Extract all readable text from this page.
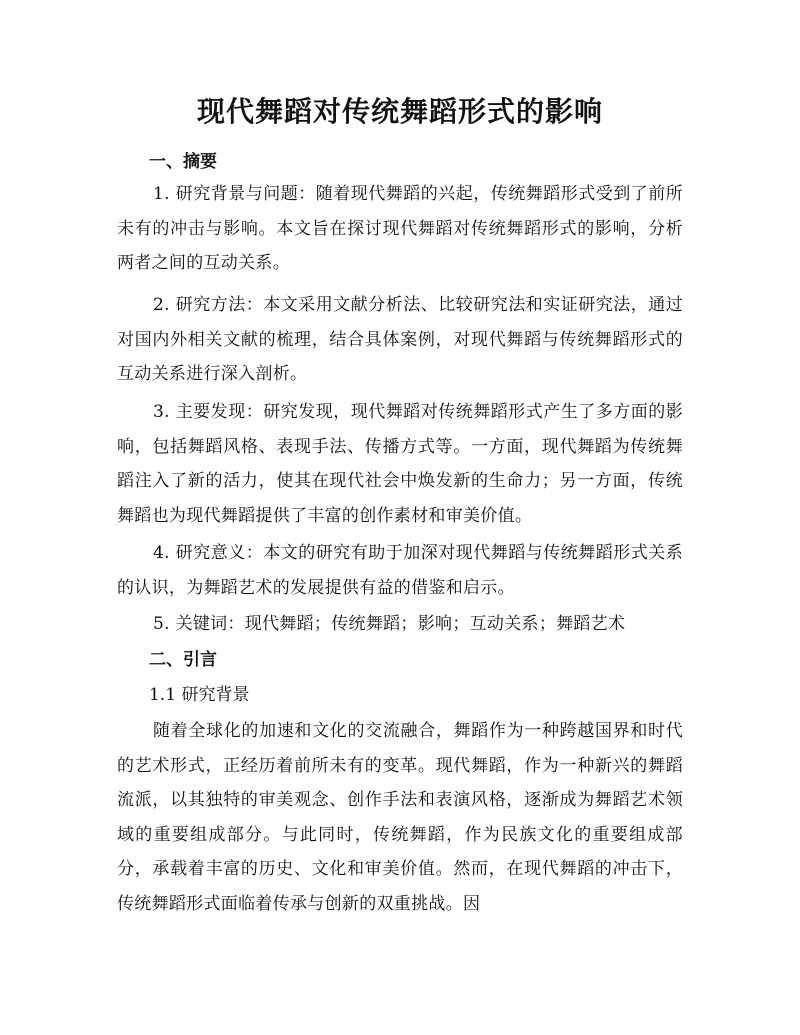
现代舞蹈对传统舞蹈形式的影响
一、摘要

1. 研究背景与问题：随着现代舞蹈的兴起，传统舞蹈形式受到了前所未有的冲击与影响。本文旨在探讨现代舞蹈对传统舞蹈形式的影响，分析两者之间的互动关系。

2. 研究方法：本文采用文献分析法、比较研究法和实证研究法，通过对国内外相关文献的梳理，结合具体案例，对现代舞蹈与传统舞蹈形式的互动关系进行深入剖析。

3. 主要发现：研究发现，现代舞蹈对传统舞蹈形式产生了多方面的影响，包括舞蹈风格、表现手法、传播方式等。一方面，现代舞蹈为传统舞蹈注入了新的活力，使其在现代社会中焕发新的生命力；另一方面，传统舞蹈也为现代舞蹈提供了丰富的创作素材和审美价值。

4. 研究意义：本文的研究有助于加深对现代舞蹈与传统舞蹈形式关系的认识，为舞蹈艺术的发展提供有益的借鉴和启示。

5. 关键词：现代舞蹈；传统舞蹈；影响；互动关系；舞蹈艺术

二、引言
1.1 研究背景

随着全球化的加速和文化的交流融合，舞蹈作为一种跨越国界和时代的艺术形式，正经历着前所未有的变革。现代舞蹈，作为一种新兴的舞蹈流派，以其独特的审美观念、创作手法和表演风格，逐渐成为舞蹈艺术领域的重要组成部分。与此同时，传统舞蹈，作为民族文化的重要组成部分，承载着丰富的历史、文化和审美价值。然而，在现代舞蹈的冲击下，传统舞蹈形式面临着传承与创新的双重挑战。因
